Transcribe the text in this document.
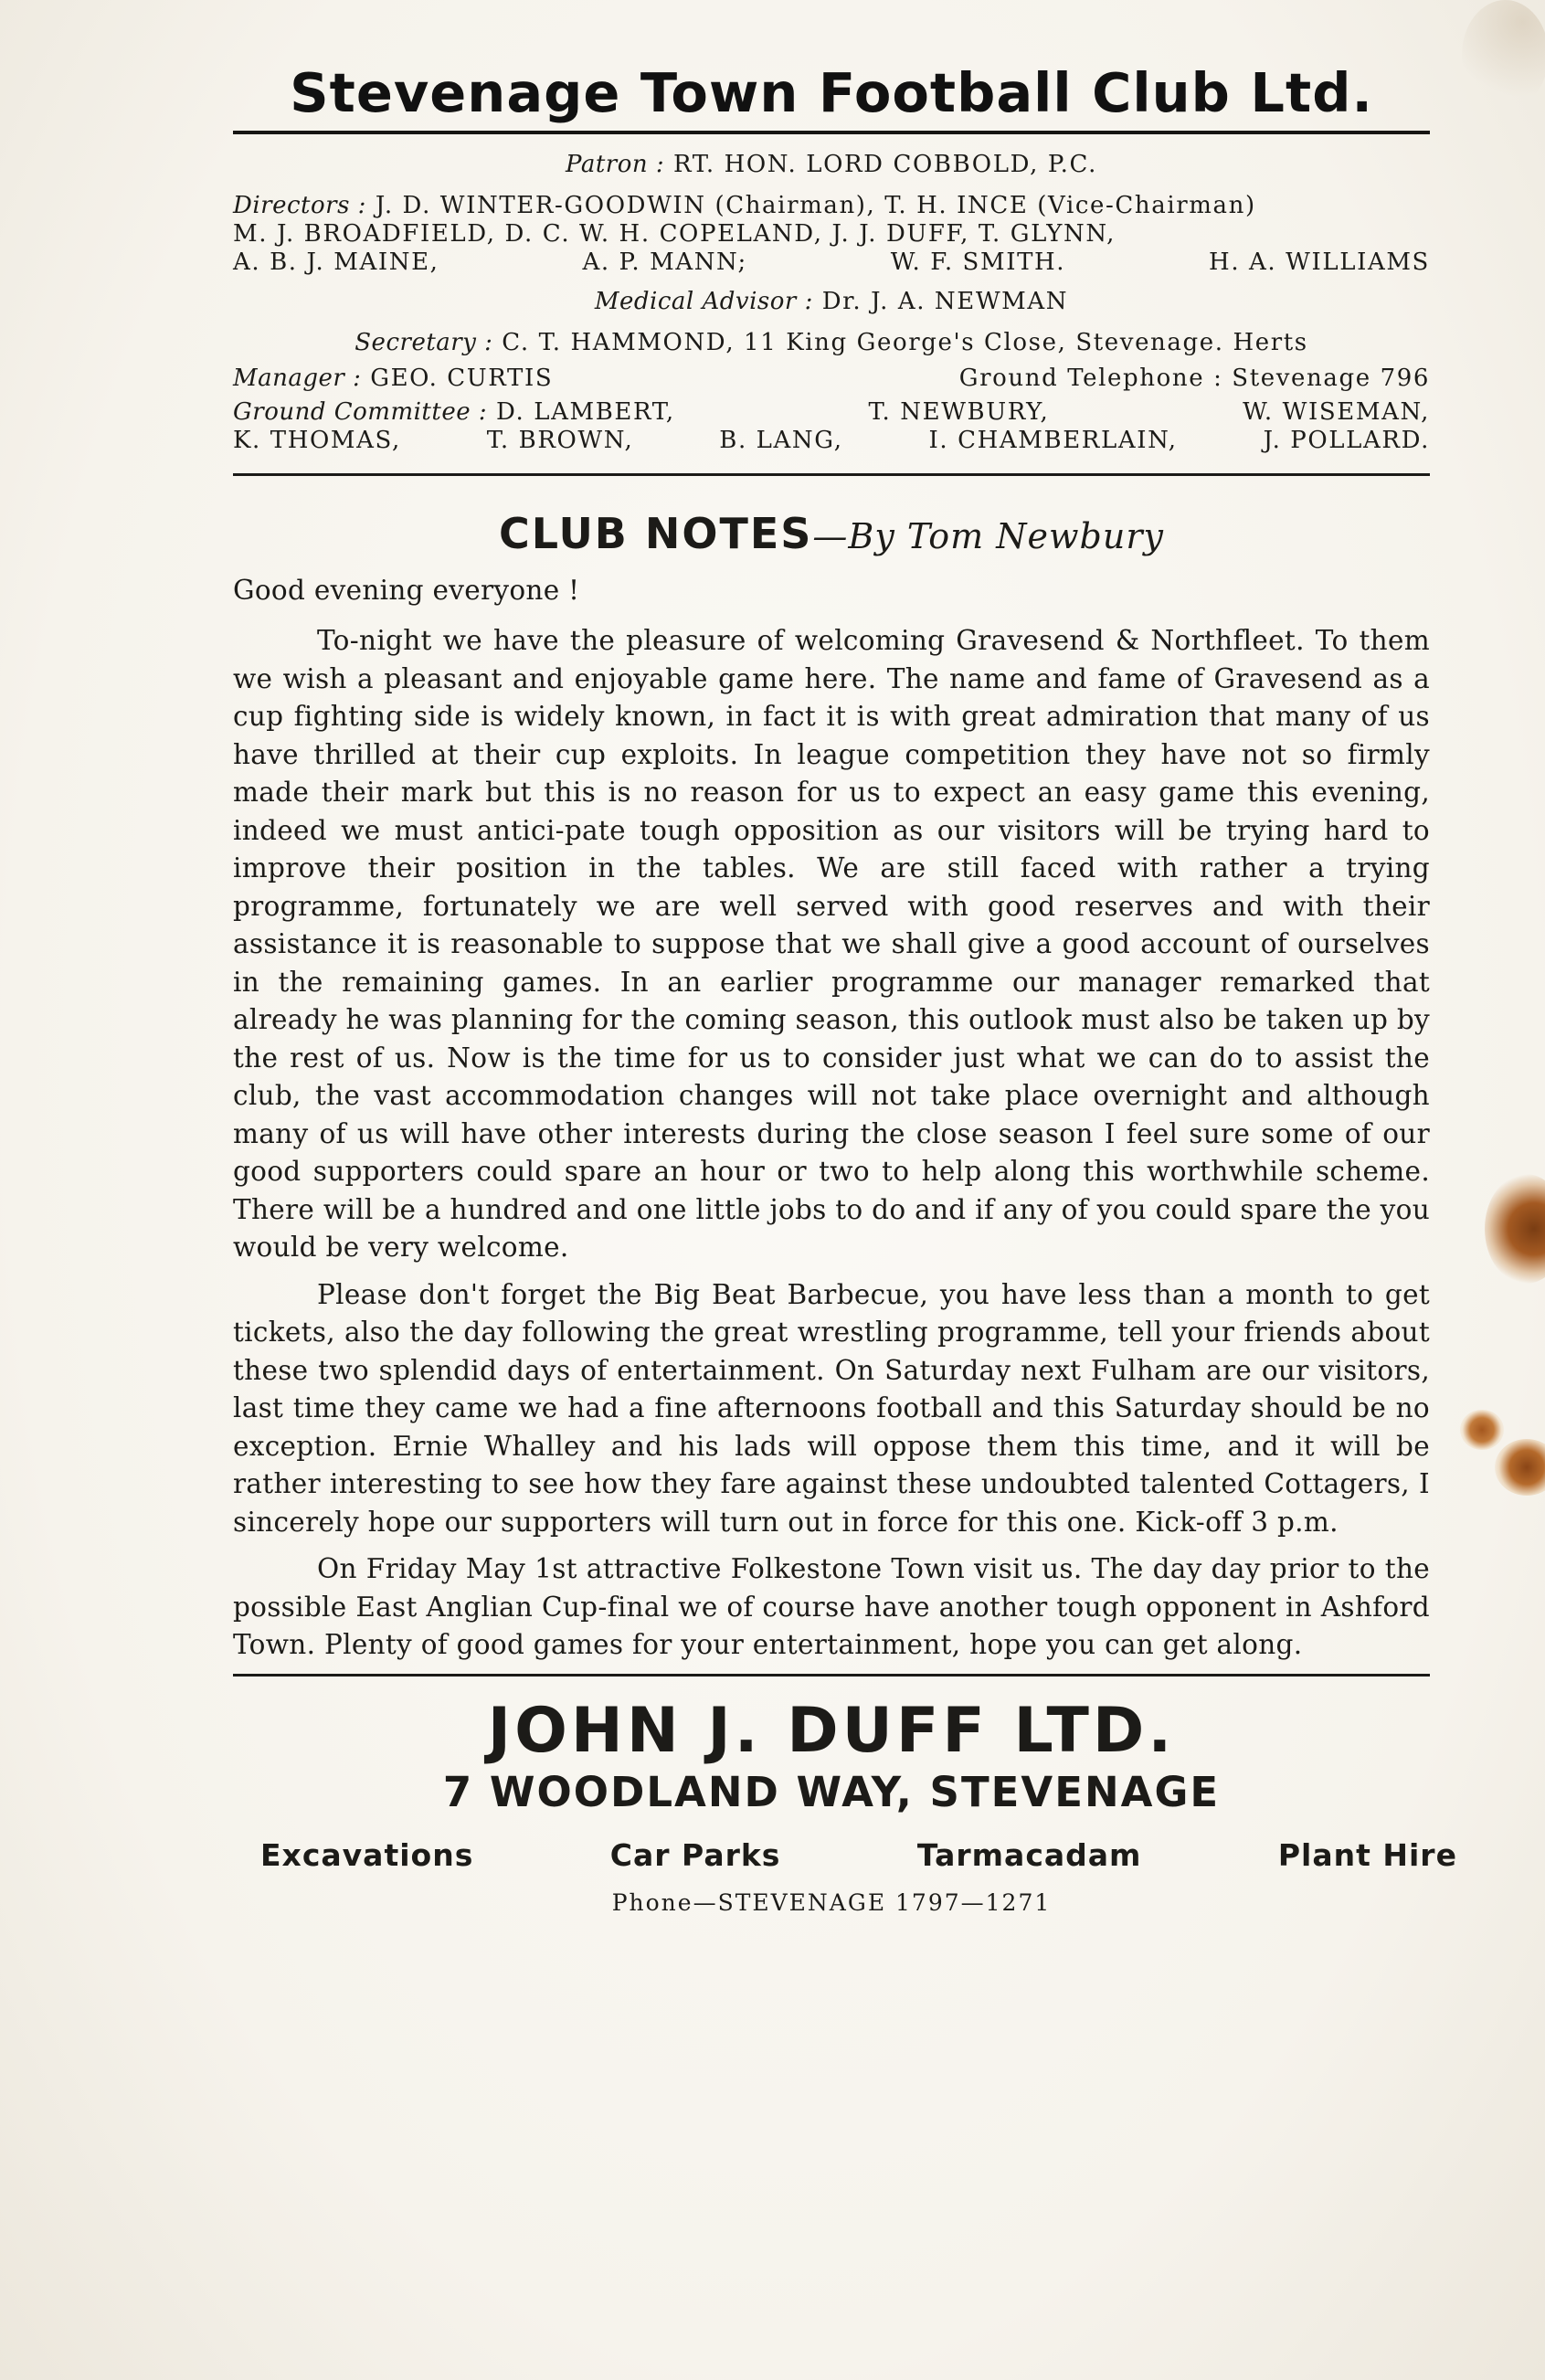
Stevenage Town Football Club Ltd.
Patron : RT. HON. LORD COBBOLD, P.C.
Directors : J. D. WINTER-GOODWIN (Chairman), T. H. INCE (Vice-Chairman)
M. J. BROADFIELD, D. C. W. H. COPELAND, J. J. DUFF, T. GLYNN,
A. B. J. MAINE,	A. P. MANN;	W. F. SMITH.	H. A. WILLIAMS
Medical Advisor : Dr. J. A. NEWMAN
Secretary : C. T. HAMMOND, 11 King George's Close, Stevenage. Herts
Manager : GEO. CURTIS	Ground Telephone : Stevenage 796
Ground Committee : D. LAMBERT,	T. NEWBURY,	W. WISEMAN,
K. THOMAS,	T. BROWN,	B. LANG,	I. CHAMBERLAIN,	J. POLLARD.
CLUB NOTES—By Tom Newbury

Good evening everyone !

To-night we have the pleasure of welcoming Gravesend & Northfleet. To them we wish a pleasant and enjoyable game here. The name and fame of Gravesend as a cup fighting side is widely known, in fact it is with great admiration that many of us have thrilled at their cup exploits. In league competition they have not so firmly made their mark but this is no reason for us to expect an easy game this evening, indeed we must antici-pate tough opposition as our visitors will be trying hard to improve their position in the tables. We are still faced with rather a trying programme, fortunately we are well served with good reserves and with their assistance it is reasonable to suppose that we shall give a good account of ourselves in the remaining games. In an earlier programme our manager remarked that already he was planning for the coming season, this outlook must also be taken up by the rest of us. Now is the time for us to consider just what we can do to assist the club, the vast accommodation changes will not take place overnight and although many of us will have other interests during the close season I feel sure some of our good supporters could spare an hour or two to help along this worthwhile scheme. There will be a hundred and one little jobs to do and if any of you could spare the you would be very welcome.

Please don't forget the Big Beat Barbecue, you have less than a month to get tickets, also the day following the great wrestling programme, tell your friends about these two splendid days of entertainment. On Saturday next Fulham are our visitors, last time they came we had a fine afternoons football and this Saturday should be no exception. Ernie Whalley and his lads will oppose them this time, and it will be rather interesting to see how they fare against these undoubted talented Cottagers, I sincerely hope our supporters will turn out in force for this one. Kick-off 3 p.m.

On Friday May 1st attractive Folkestone Town visit us. The day day prior to the possible East Anglian Cup-final we of course have another tough opponent in Ashford Town. Plenty of good games for your entertainment, hope you can get along.

JOHN J. DUFF LTD.
7 WOODLAND WAY, STEVENAGE
Excavations	Car Parks	Tarmacadam	Plant Hire
Phone—STEVENAGE 1797—1271
